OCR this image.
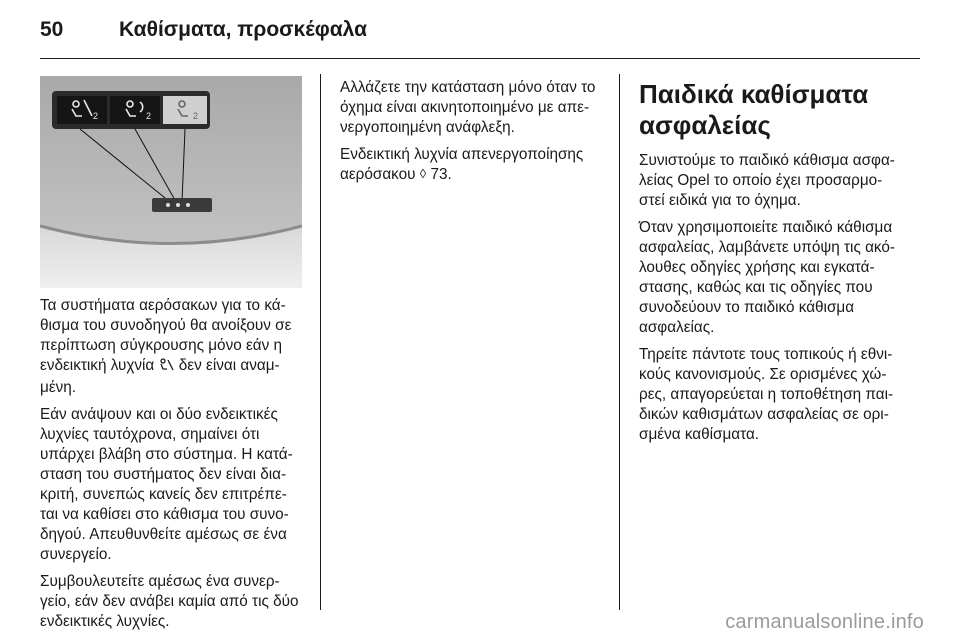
50	Καθίσματα, προσκέφαλα
2	2	2

Τα συστήματα αερόσακων για το κά-θισμα του συνοδηγού θα ανοίξουν σε περίπτωση σύγκρουσης μόνο εάν η ενδεικτική λυχνία δεν είναι αναμ-μένη.

Εάν ανάψουν και οι δύο ενδεικτικές λυχνίες ταυτόχρονα, σημαίνει ότι υπάρχει βλάβη στο σύστημα. Η κατά-σταση του συστήματος δεν είναι δια-κριτή, συνεπώς κανείς δεν επιτρέπε-ται να καθίσει στο κάθισμα του συνο-δηγού. Απευθυνθείτε αμέσως σε ένα συνεργείο.

Συμβουλευτείτε αμέσως ένα συνερ-γείο, εάν δεν ανάβει καμία από τις δύο ενδεικτικές λυχνίες.

Αλλάζετε την κατάσταση μόνο όταν το όχημα είναι ακινητοποιημένο με απε-νεργοποιημένη ανάφλεξη.

Ενδεικτική λυχνία απενεργοποίησης αερόσακου ◊ 73.

Παιδικά καθίσματα ασφαλείας

Συνιστούμε το παιδικό κάθισμα ασφα-λείας Opel το οποίο έχει προσαρμο-στεί ειδικά για το όχημα.

Όταν χρησιμοποιείτε παιδικό κάθισμα ασφαλείας, λαμβάνετε υπόψη τις ακό-λουθες οδηγίες χρήσης και εγκατά-στασης, καθώς και τις οδηγίες που συνοδεύουν το παιδικό κάθισμα ασφαλείας.

Τηρείτε πάντοτε τους τοπικούς ή εθνι-κούς κανονισμούς. Σε ορισμένες χώ-ρες, απαγορεύεται η τοποθέτηση παι-δικών καθισμάτων ασφαλείας σε ορι-σμένα καθίσματα.

carmanualsonline.info
